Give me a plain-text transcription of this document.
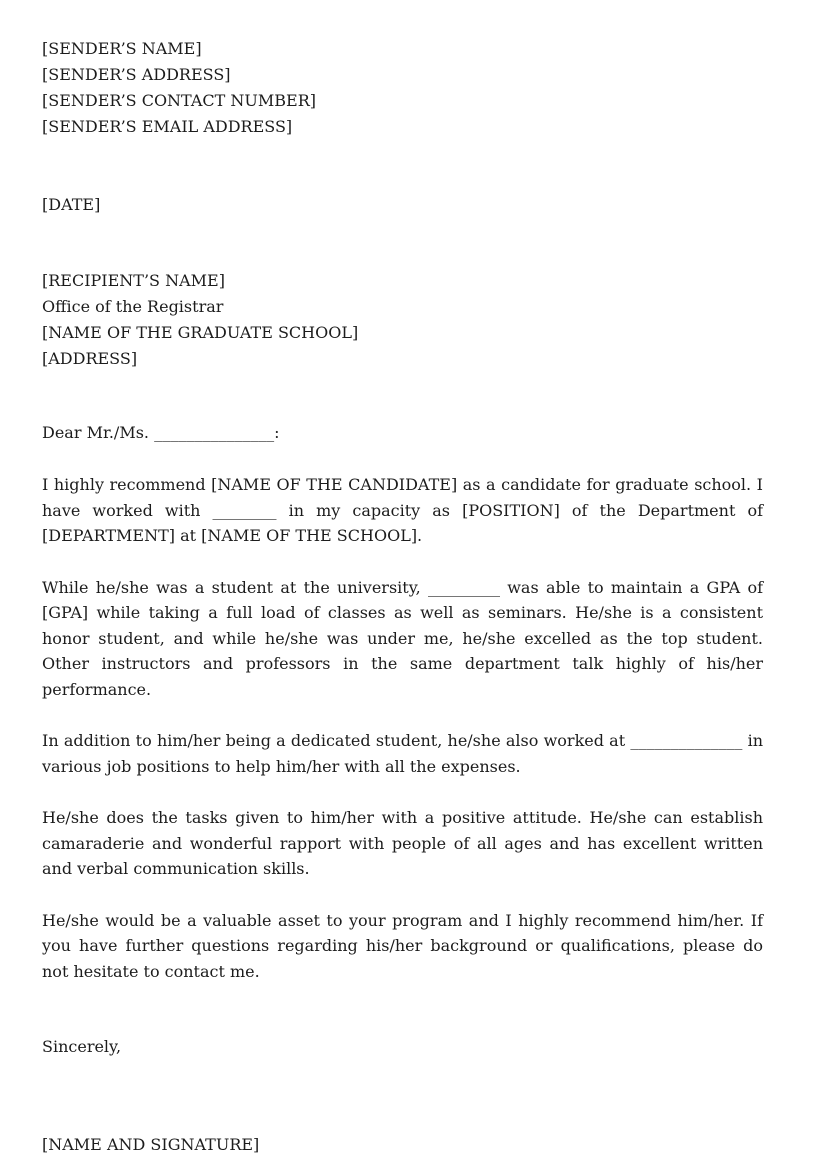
[SENDER’S NAME]
[SENDER’S ADDRESS]
[SENDER’S CONTACT NUMBER]
[SENDER’S EMAIL ADDRESS]
[DATE]
[RECIPIENT’S NAME]
Office of the Registrar
[NAME OF THE GRADUATE SCHOOL]
[ADDRESS]
Dear Mr./Ms. _______________:

I highly recommend [NAME OF THE CANDIDATE] as a candidate for graduate school. I have worked with ________ in my capacity as [POSITION] of the Department of [DEPARTMENT] at [NAME OF THE SCHOOL].

While he/she was a student at the university, _________ was able to maintain a GPA of [GPA] while taking a full load of classes as well as seminars. He/she is a consistent honor student, and while he/she was under me, he/she excelled as the top student. Other instructors and professors in the same department talk highly of his/her performance.

In addition to him/her being a dedicated student, he/she also worked at ______________ in various job positions to help him/her with all the expenses.

He/she does the tasks given to him/her with a positive attitude. He/she can establish camaraderie and wonderful rapport with people of all ages and has excellent written and verbal communication skills.

He/she would be a valuable asset to your program and I highly recommend him/her. If you have further questions regarding his/her background or qualifications, please do not hesitate to contact me.

Sincerely,
[NAME AND SIGNATURE]
